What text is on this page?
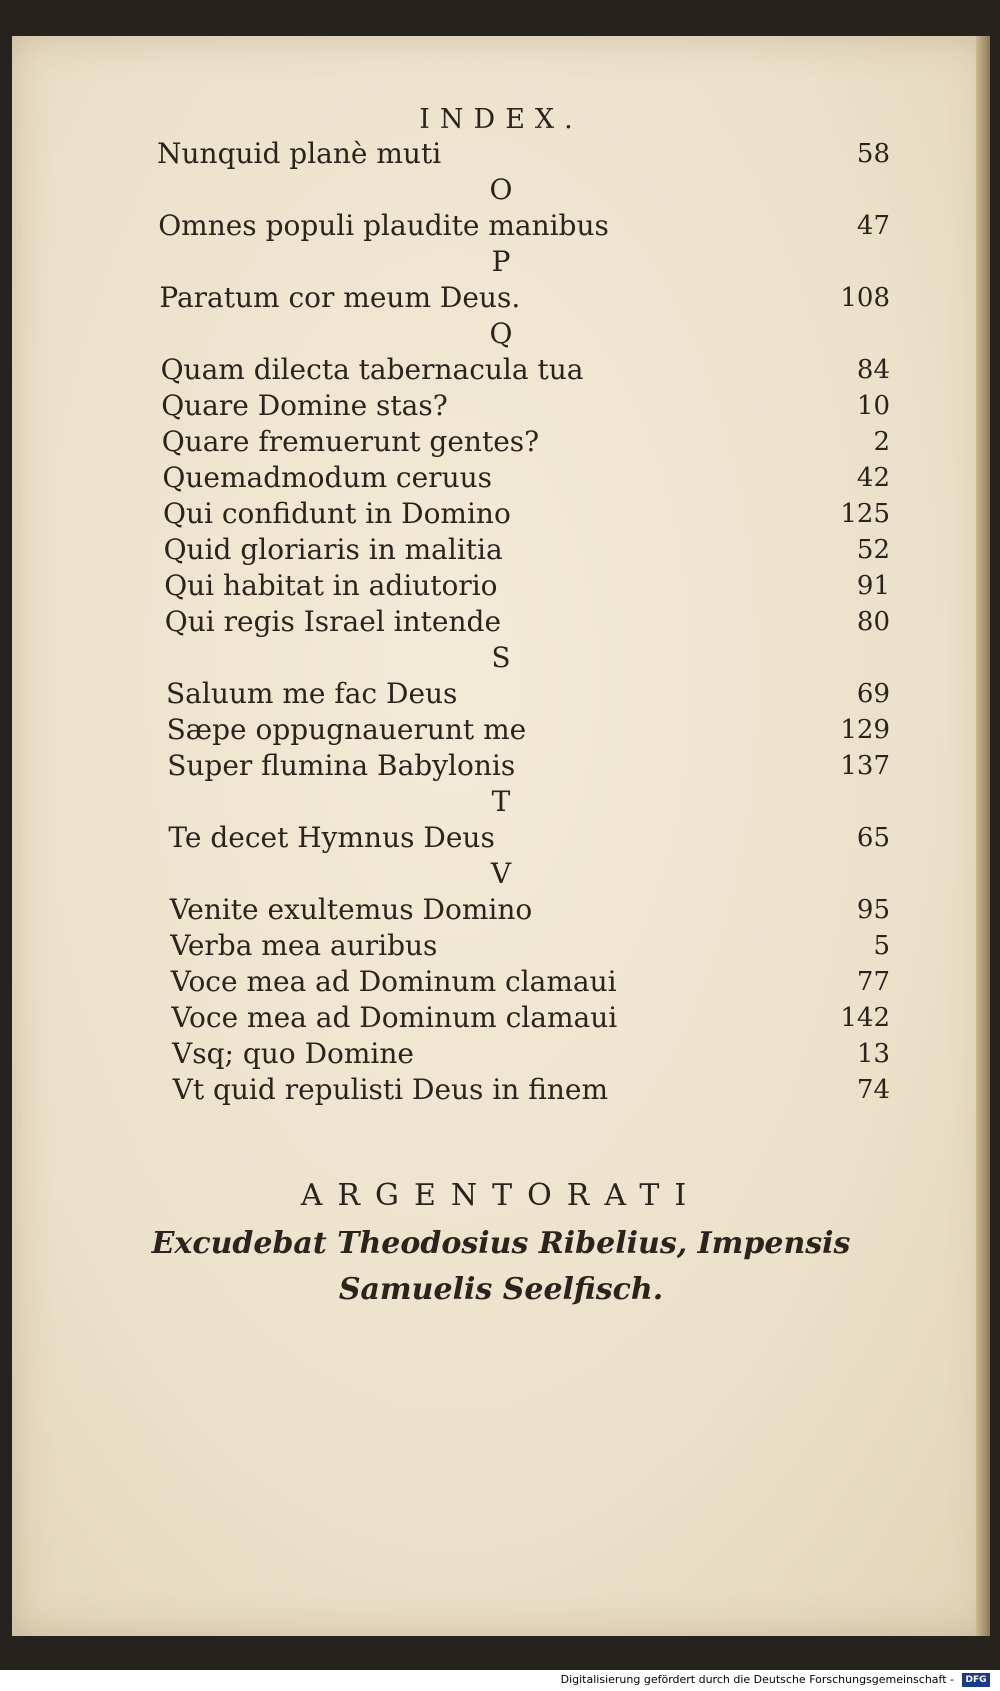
INDEX.
Nunquid planè muti	58
O
Omnes populi plaudite manibus	47
P
Paratum cor meum Deus.	108
Q
Quam dilecta tabernacula tua	84
Quare Domine stas?	10
Quare fremuerunt gentes?	2
Quemadmodum ceruus	42
Qui confidunt in Domino	125
Quid gloriaris in malitia	52
Qui habitat in adiutorio	91
Qui regis Israel intende	80
S
Saluum me fac Deus	69
Sæpe oppugnauerunt me	129
Super flumina Babylonis	137
T
Te decet Hymnus Deus	65
V
Venite exultemus Domino	95
Verba mea auribus	5
Voce mea ad Dominum clamaui	77
Voce mea ad Dominum clamaui	142
Vsq; quo Domine	13
Vt quid repulisti Deus in finem	74
ARGENTORATI
Excudebat Theodosius Ribelius, Impensis
Samuelis Seelfisch.
Digitalisierung gefördert durch die Deutsche Forschungsgemeinschaft -	DFG
